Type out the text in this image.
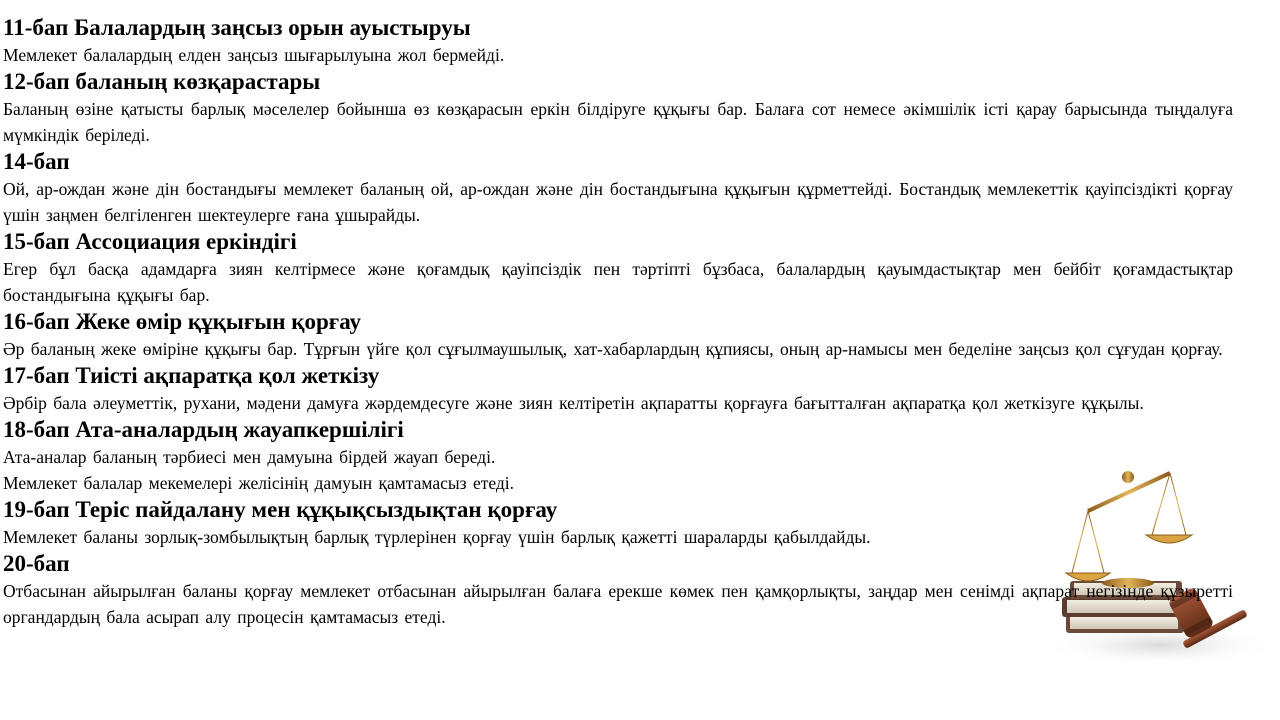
11-бап Балалардың заңсыз орын ауыстыруы

Мемлекет балалардың елден заңсыз шығарылуына жол бермейді.

12-бап баланың көзқарастары

Баланың өзіне қатысты барлық мәселелер бойынша өз көзқарасын еркін білдіруге құқығы бар. Балаға сот немесе әкімшілік істі қарау барысында тыңдалуға мүмкіндік беріледі.

14-бап

Ой, ар-ождан және дін бостандығы мемлекет баланың ой, ар-ождан және дін бостандығына құқығын құрметтейді. Бостандық мемлекеттік қауіпсіздікті қорғау үшін заңмен белгіленген шектеулерге ғана ұшырайды.

15-бап Ассоциация еркіндігі

Егер бұл басқа адамдарға зиян келтірмесе және қоғамдық қауіпсіздік пен тәртіпті бұзбаса, балалардың қауымдастықтар мен бейбіт қоғамдастықтар бостандығына құқығы бар.

16-бап Жеке өмір құқығын қорғау

Әр баланың жеке өміріне құқығы бар. Тұрғын үйге қол сұғылмаушылық, хат-хабарлардың құпиясы, оның ар-намысы мен беделіне заңсыз қол сұғудан қорғау.

17-бап Тиісті ақпаратқа қол жеткізу

Әрбір бала әлеуметтік, рухани, мәдени дамуға жәрдемдесуге және зиян келтіретін ақпаратты қорғауға бағытталған ақпаратқа қол жеткізуге құқылы.

18-бап Ата-аналардың жауапкершілігі

Ата-аналар баланың тәрбиесі мен дамуына бірдей жауап береді.

Мемлекет балалар мекемелері желісінің дамуын қамтамасыз етеді.

19-бап Теріс пайдалану мен құқықсыздықтан қорғау

Мемлекет баланы зорлық-зомбылықтың барлық түрлерінен қорғау үшін барлық қажетті шараларды қабылдайды.

20-бап

Отбасынан айырылған баланы қорғау мемлекет отбасынан айырылған балаға ерекше көмек пен қамқорлықты, заңдар мен сенімді ақпарат негізінде құзыретті органдардың бала асырап алу процесін қамтамасыз етеді.
